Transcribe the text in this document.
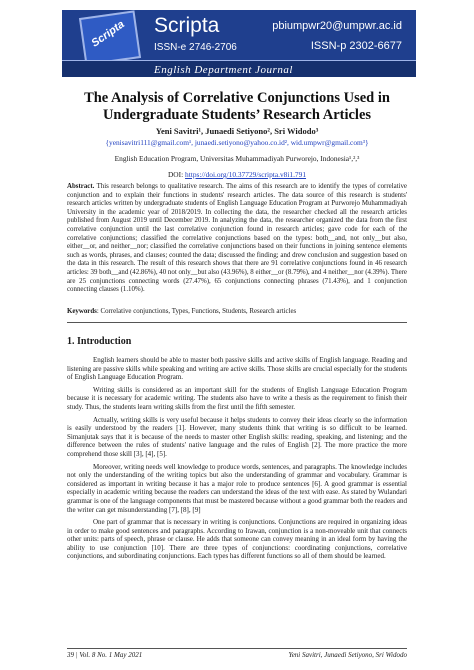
Scripta	Scripta
ISSN-e 2746-2706
pbiumpwr20@umpwr.ac.id
ISSN-p 2302-6677
English Department Journal
The Analysis of Correlative Conjunctions Used in Undergraduate Students’ Research Articles
Yeni Savitri¹, Junaedi Setiyono², Sri Widodo³
{yenisavitri111@gmail.com¹, junaedi.setiyono@yahoo.co.id², wid.umpwr@gmail.com³}
English Education Program, Universitas Muhammadiyah Purworejo, Indonesia¹,²,³
DOI: https://doi.org/10.37729/scripta.v8i1.791
Abstract. This research belongs to qualitative research. The aims of this research are to identify the types of correlative conjunction and to explain their functions in students' research articles. The data source of this research is students' research articles written by undergraduate students of English Language Education Program at Purworejo Muhammadiyah University in the academic year of 2018/2019. In collecting the data, the researcher checked all the research articles published from August 2019 until December 2019. In analyzing the data, the researcher organized the data from the first correlative conjunction until the last correlative conjunction found in research articles; gave code for each of the correlative conjunctions; classified the correlative conjunctions based on the types: both__and, not only__but also, either__or, and neither__nor; classified the correlative conjunctions based on their functions in joining sentence elements such as words, phrases, and clauses; counted the data; discussed the finding; and drew conclusion and suggestion based on the data in this research. The result of this research shows that there are 91 correlative conjunctions found in 46 research articles: 39 both__and (42.86%), 40 not only__but also (43.96%), 8 either__or (8.79%), and 4 neither__nor (4.39%). There are 25 conjunctions connecting words (27.47%), 65 conjunctions connecting phrases (71.43%), and 1 conjunction connecting clauses (1.10%).
Keywords: Correlative conjunctions, Types, Functions, Students, Research articles
1. Introduction

English learners should be able to master both passive skills and active skills of English language. Reading and listening are passive skills while speaking and writing are active skills. Those skills are crucial especially for the students of English Language Education Program.

Writing skills is considered as an important skill for the students of English Language Education Program because it is necessary for academic writing. The students also have to write a thesis as the requirement to finish their study. Thus, the students learn writing skills from the first until the fifth semester.

Actually, writing skills is very useful because it helps students to convey their ideas clearly so the information is easily understood by the readers [1]. However, many students think that writing is so difficult to be learned. Simanjutak says that it is because of the needs to master other English skills: reading, speaking, and listening; and the difference between the rules of students' native language and the rules of English [2]. The more practice the more comprehend those skill [3], [4], [5].

Moreover, writing needs well knowledge to produce words, sentences, and paragraphs. The knowledge includes not only the understanding of the writing topics but also the understanding of grammar and vocabulary. Grammar is considered as important in writing because it has a major role to produce sentences [6]. A good grammar is essential especially in academic writing because the readers can understand the ideas of the text with ease. As stated by Wulandari grammar is one of the language components that must be mastered because without a good grammar both the readers and the writer can get misunderstanding [7], [8], [9]

One part of grammar that is necessary in writing is conjunctions. Conjunctions are required in organizing ideas in order to make good sentences and paragraphs. According to Irawan, conjunction is a non-moveable unit that connects other units: parts of speech, phrase or clause. He adds that someone can convey meaning in an ideal form by having the ability to use conjunction [10]. There are three types of conjunctions: coordinating conjunctions, correlative conjunctions, and subordinating conjunctions. Each types has different functions so all of them should be learned.

39 | Vol. 8 No. 1 May 2021	Yeni Savitri, Junaedi Setiyono, Sri Widodo
